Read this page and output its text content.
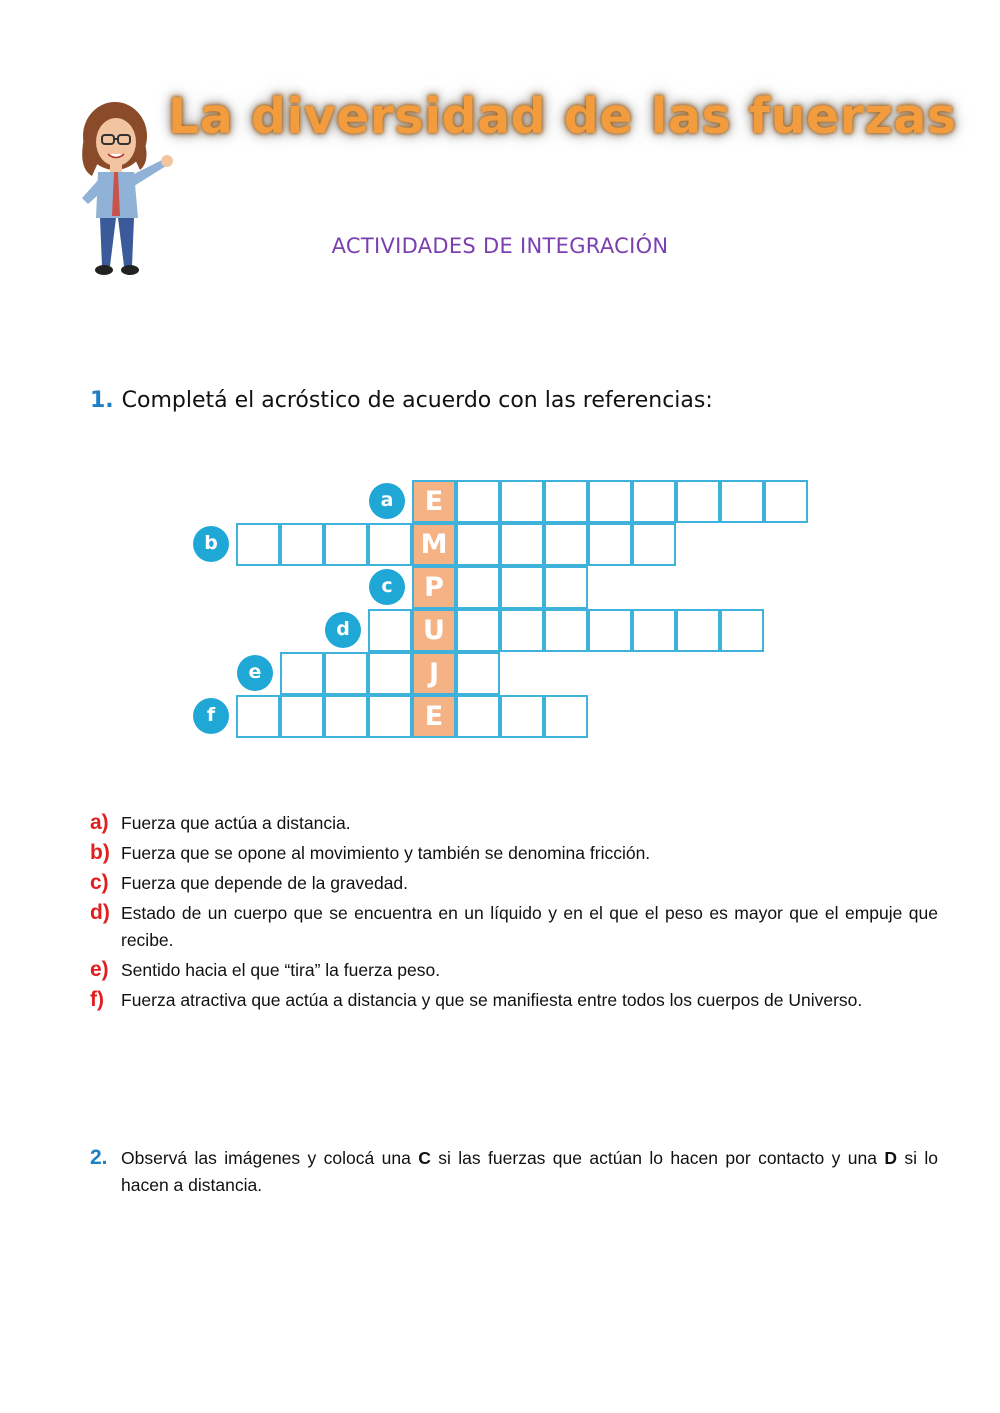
La diversidad de las fuerzas
ACTIVIDADES DE INTEGRACIÓN
1. Completá el acróstico de acuerdo con las referencias:
a	E
b	M
c	P
d	U
e	J
f	E
a) Fuerza que actúa a distancia.
b) Fuerza que se opone al movimiento y también se denomina fricción.
c) Fuerza que depende de la gravedad.
d) Estado de un cuerpo que se encuentra en un líquido y en el que el peso es mayor que el empuje que recibe.
e) Sentido hacia el que “tira” la fuerza peso.
f) Fuerza atractiva que actúa a distancia y que se manifiesta entre todos los cuerpos de Universo.
2. Observá las imágenes y colocá una C si las fuerzas que actúan lo hacen por contacto y una D si lo hacen a distancia.
